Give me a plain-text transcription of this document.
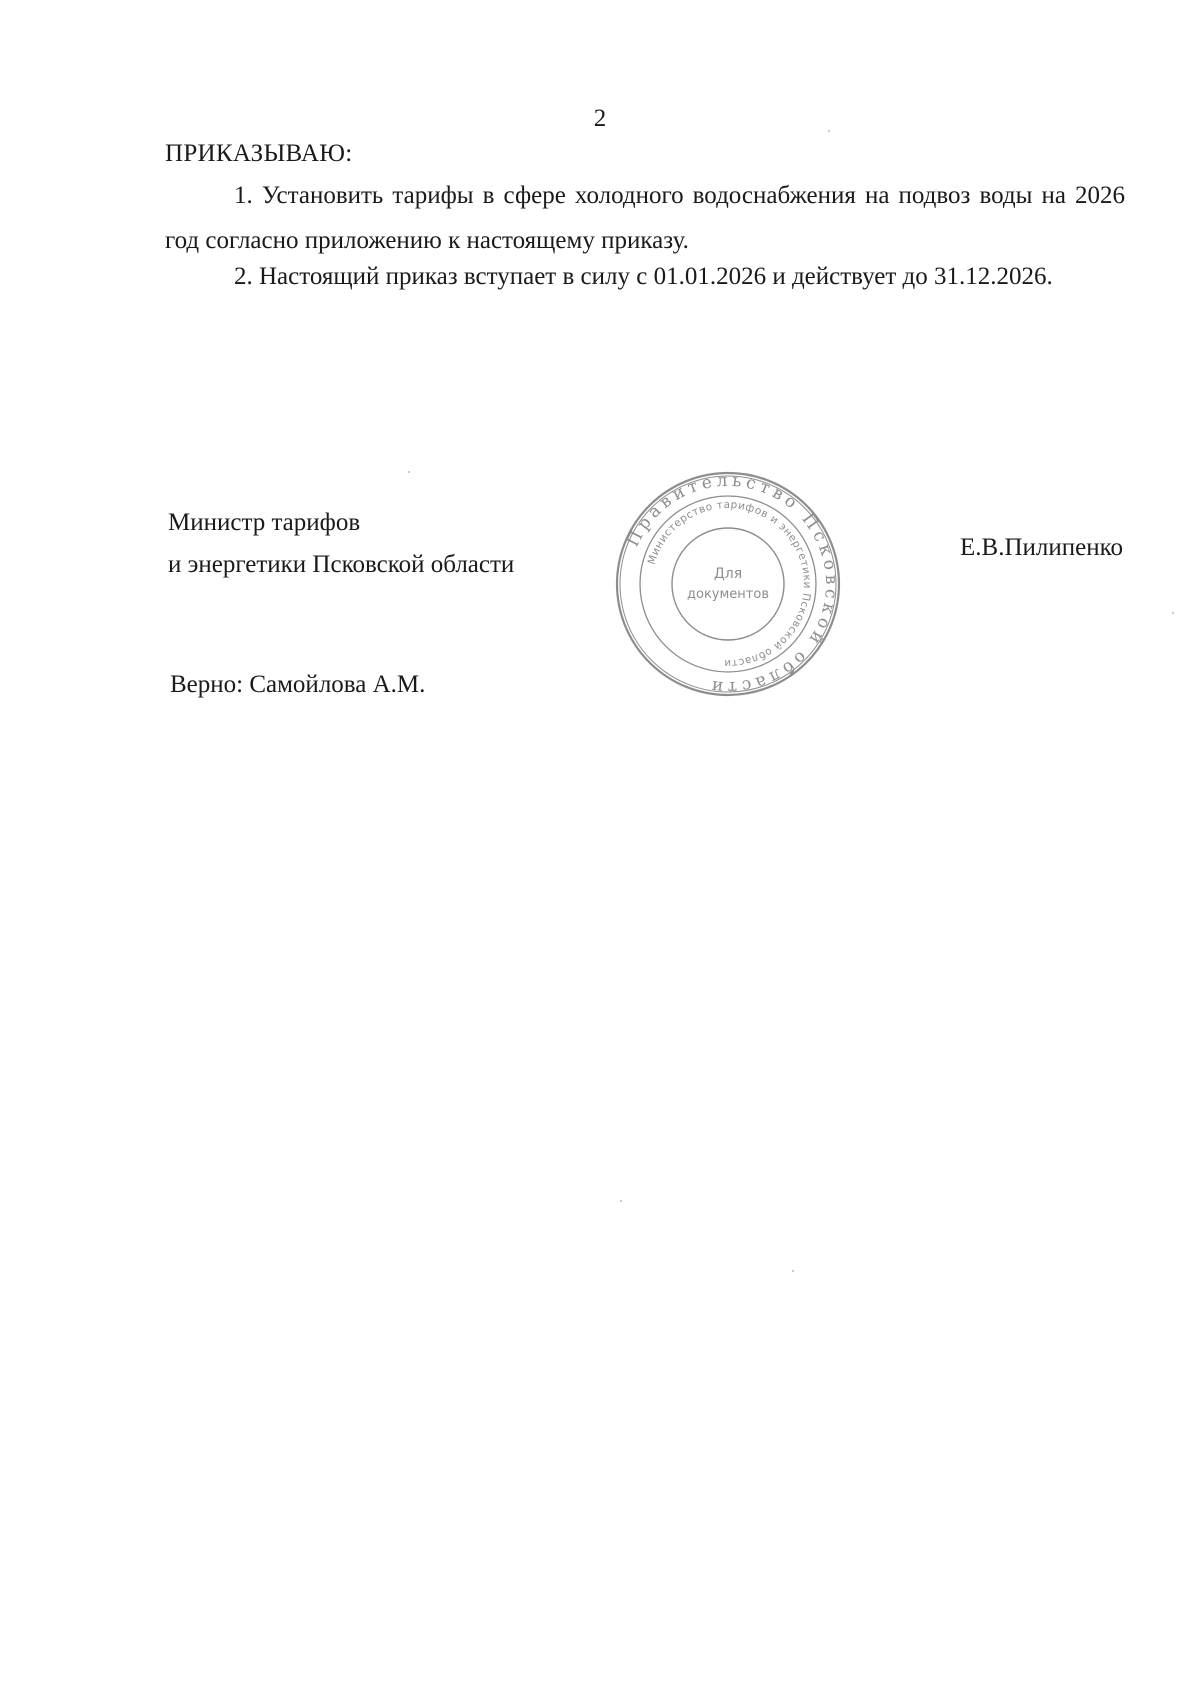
2
ПРИКАЗЫВАЮ:
1. Установить тарифы в сфере холодного водоснабжения на подвоз воды на 2026 год согласно приложению к настоящему приказу.
2. Настоящий приказ вступает в силу с 01.01.2026 и действует до 31.12.2026.
Министр тарифов
и энергетики Псковской области
Е.В.Пилипенко
Верно: Самойлова А.М.
Правительство Псковской области
Министерство тарифов и энергетики Псковской области
Для
документов
